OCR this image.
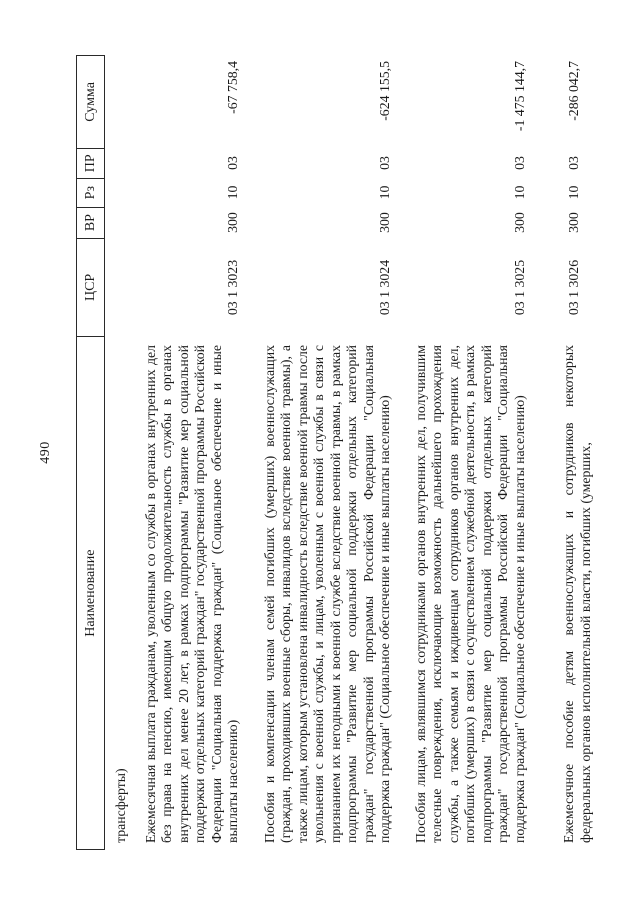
490
Наименование
ЦСР
ВР
Рз
ПР
Сумма
трансферты) Ежемесячная выплата гражданам, уволенным со службы в органах внутренних дел без права на пенсию, имеющим общую продолжительность службы в органах внутренних дел менее 20 лет, в рамках подпрограммы "Развитие мер социальной поддержки отдельных категорий граждан" государственной программы Российской Федерации "Социальная поддержка граждан" (Социальное обеспечение и иные выплаты населению)
03 1 3023
300
10
03
-67 758,4
Пособия и компенсации членам семей погибших (умерших) военнослужащих (граждан, проходивших военные сборы, инвалидов вследствие военной травмы), а также лицам, которым установлена инвалидность вследствие военной травмы после увольнения с военной службы, и лицам, уволенным с военной службы в связи с признанием их негодными к военной службе вследствие военной травмы, в рамках подпрограммы "Развитие мер социальной поддержки отдельных категорий граждан" государственной программы Российской Федерации "Социальная поддержка граждан" (Социальное обеспечение и иные выплаты населению)
03 1 3024
300
10
03
-624 155,5
Пособия лицам, являвшимся сотрудниками органов внутренних дел, получившим телесные повреждения, исключающие возможность дальнейшего прохождения службы, а также семьям и иждивенцам сотрудников органов внутренних дел, погибших (умерших) в связи с осуществлением служебной деятельности, в рамках подпрограммы "Развитие мер социальной поддержки отдельных категорий граждан" государственной программы Российской Федерации "Социальная поддержка граждан" (Социальное обеспечение и иные выплаты населению)
03 1 3025
300
10
03
-1 475 144,7
Ежемесячное пособие детям военнослужащих и сотрудников некоторых федеральных органов исполнительной власти, погибших (умерших,
03 1 3026
300
10
03
-286 042,7
